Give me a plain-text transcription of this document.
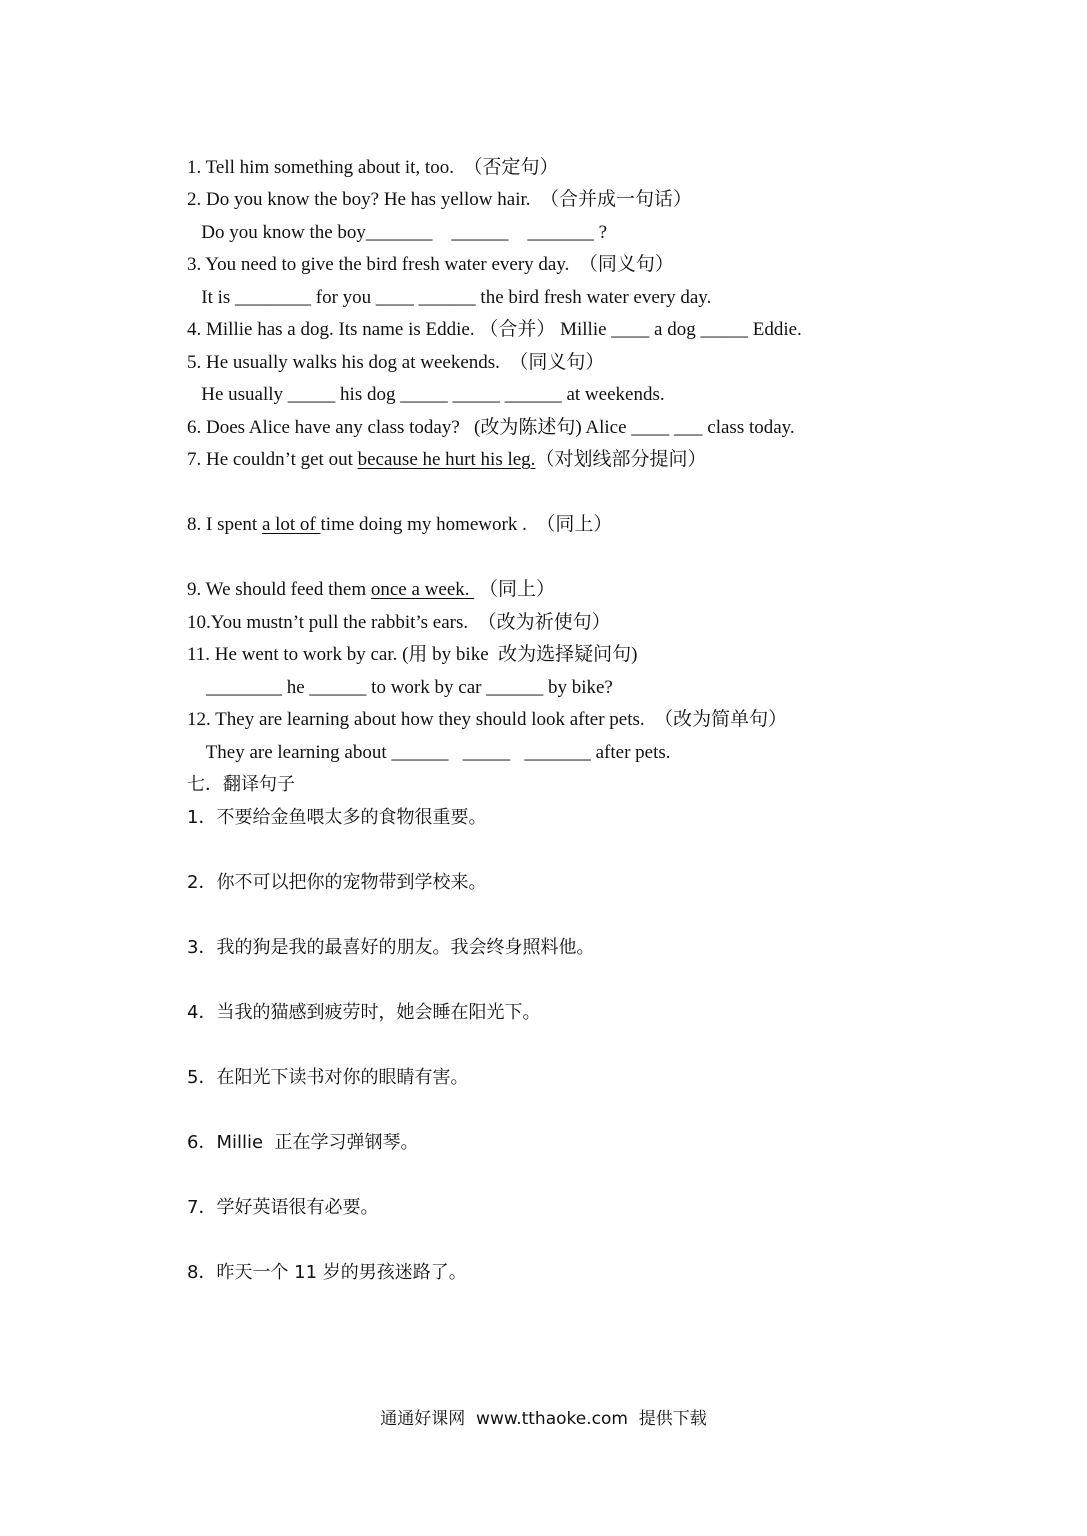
1. Tell him something about it, too.  （否定句）
2. Do you know the boy? He has yellow hair.  （合并成一句话）
Do you know the boy_______    ______    _______ ?
3. You need to give the bird fresh water every day.  （同义句）
It is ________ for you ____ ______ the bird fresh water every day.
4. Millie has a dog. Its name is Eddie. （合并） Millie ____ a dog _____ Eddie.
5. He usually walks his dog at weekends.  （同义句）
He usually _____ his dog _____ _____ ______ at weekends.
6. Does Alice have any class today?   (改为陈述句) Alice ____ ___ class today.
7. He couldn’t get out because he hurt his leg.（对划线部分提问）
8. I spent a lot of time doing my homework .  （同上）
9. We should feed them once a week.  （同上）
10.You mustn’t pull the rabbit’s ears.  （改为祈使句）
11. He went to work by car. (用 by bike  改为选择疑问句)
________ he ______ to work by car ______ by bike?
12. They are learning about how they should look after pets.  （改为简单句）
They are learning about ______   _____   _______ after pets.
七．翻译句子
1．不要给金鱼喂太多的食物很重要。
2．你不可以把你的宠物带到学校来。
3．我的狗是我的最喜好的朋友。我会终身照料他。
4．当我的猫感到疲劳时，她会睡在阳光下。
5．在阳光下读书对你的眼睛有害。
6．Millie  正在学习弹钢琴。
7．学好英语很有必要。
8．昨天一个 11 岁的男孩迷路了。
通通好课网  www.tthaoke.com  提供下载
